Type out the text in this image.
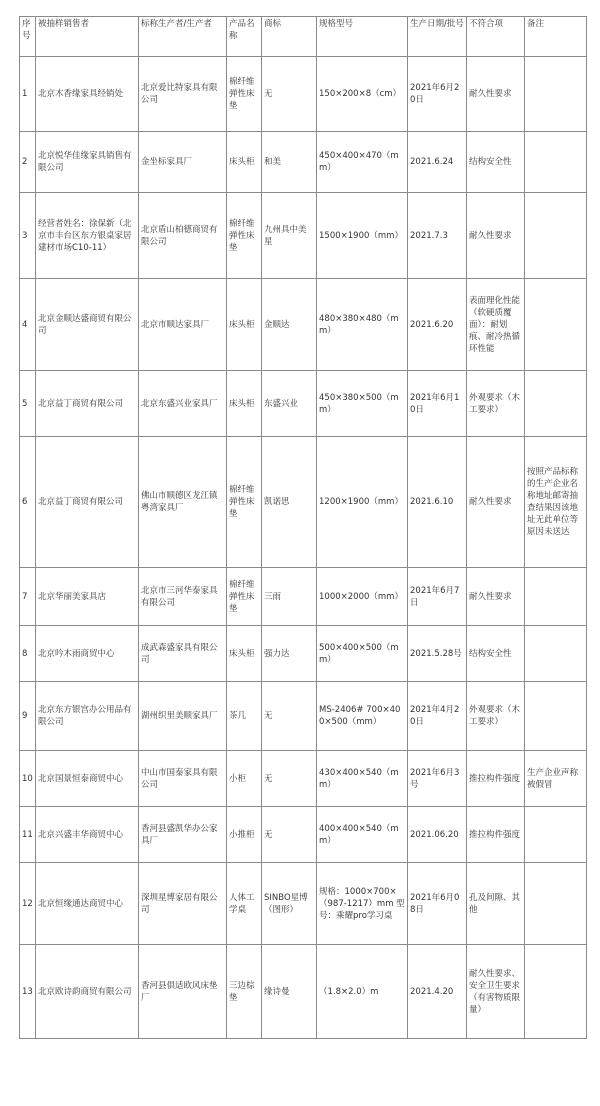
序号	被抽样销售者	标称生产者/生产者	产品名称	商标	规格型号	生产日期/批号	不符合项	备注
1	北京木香缘家具经销处	北京爱比特家具有限公司	棉纤维弹性床垫	无	150×200×8（cm）	2021年6月20日	耐久性要求	
2	北京悦华佳缘家具销售有限公司	金坐标家具厂	床头柜	和美	450×400×470（mm）	2021.6.24	结构安全性	
3	经营者姓名：徐保新（北京市丰台区东方银桌家居建材市场C10-11）	北京盾山柏德商贸有限公司	棉纤维弹性床垫	九州具中美星	1500×1900（mm）	2021.7.3	耐久性要求	
4	北京金顺达盛商贸有限公司	北京市顺达家具厂	床头柜	金顺达	480×380×480（mm）	2021.6.20	表面理化性能（软硬质覆面）：耐划痕、耐冷热循环性能	
5	北京益丁商贸有限公司	北京东盛兴业家具厂	床头柜	东盛兴业	450×380×500（mm）	2021年6月10日	外观要求（木工要求）	
6	北京益丁商贸有限公司	佛山市顺德区龙江镇粤湾家具厂	棉纤维弹性床垫	凯诺思	1200×1900（mm）	2021.6.10	耐久性要求	按照产品标称的生产企业名称地址邮寄抽查结果因该地址无此单位等原因未送达
7	北京华丽美家具店	北京市三河华泰家具有限公司	棉纤维弹性床垫	三雨	1000×2000（mm）	2021年6月7日	耐久性要求	
8	北京吟木雨商贸中心	成武森盛家具有限公司	床头柜	强力达	500×400×500（mm）	2021.5.28号	结构安全性	
9	北京东方银宫办公用品有限公司	湖州织里美顺家具厂	茶几	无	MS-2406# 700×400×500（mm）	2021年4月20日	外观要求（木工要求）	
10	北京国景恒泰商贸中心	中山市国泰家具有限公司	小柜	无	430×400×540（mm）	2021年6月3号	推拉构件强度	生产企业声称被假冒
11	北京兴盛丰华商贸中心	香河县盛凯华办公家具厂	小推柜	无	400×400×540（mm）	2021.06.20	推拉构件强度	
12	北京恒缘通达商贸中心	深圳星博家居有限公司	人体工学桌	SINBO星博（图形）	规格：1000×700×（987-1217）mm 型号：乘耀pro学习桌	2021年6月08日	孔及间隙、其他	
13	北京欧诗韵商贸有限公司	香河县俱适欧风床垫厂	三边棕垫	缘诗曼	（1.8×2.0）m	2021.4.20	耐久性要求、安全卫生要求（有害物质限量）	
